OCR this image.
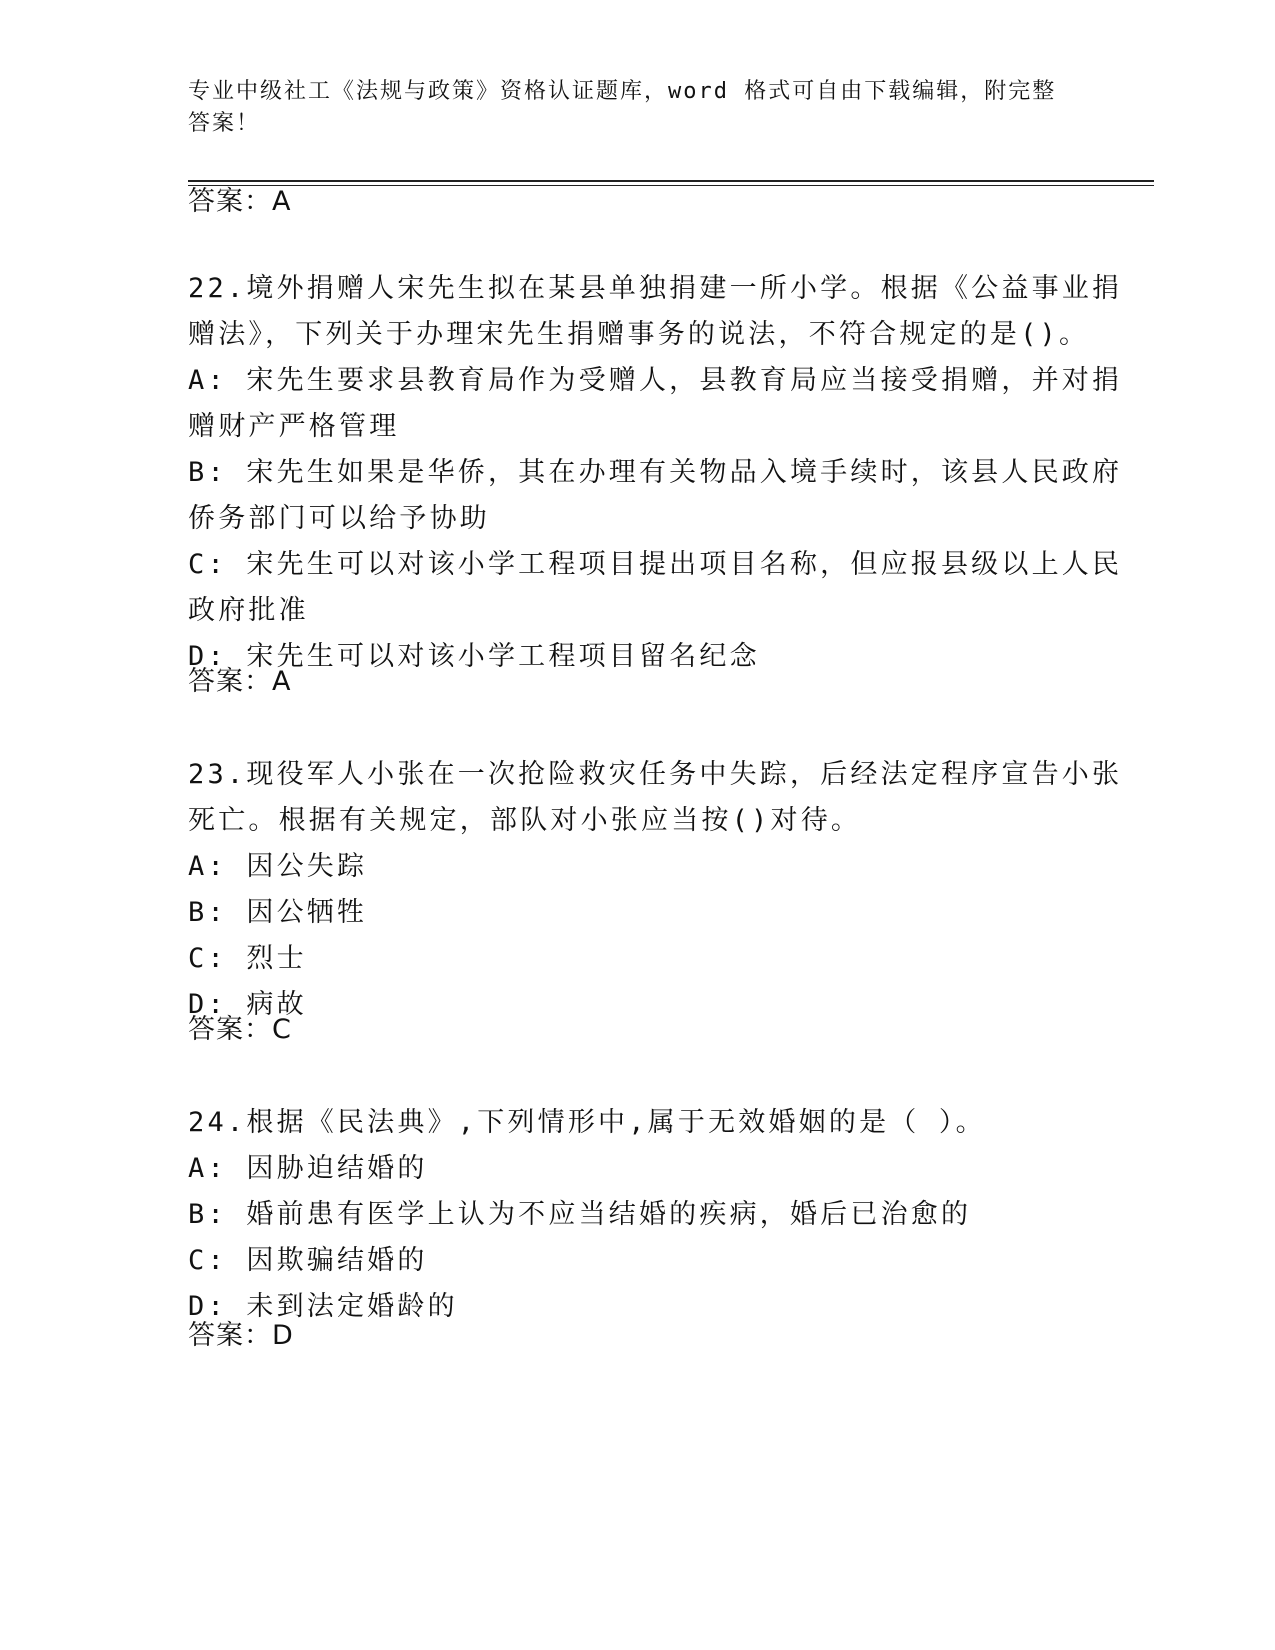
专业中级社工《法规与政策》资格认证题库，word 格式可自由下载编辑，附完整
答案！
答案：A
22.境外捐赠人宋先生拟在某县单独捐建一所小学。根据《公益事业捐
赠法》，下列关于办理宋先生捐赠事务的说法，不符合规定的是()。
A: 宋先生要求县教育局作为受赠人，县教育局应当接受捐赠，并对捐
赠财产严格管理
B: 宋先生如果是华侨，其在办理有关物品入境手续时，该县人民政府
侨务部门可以给予协助
C: 宋先生可以对该小学工程项目提出项目名称，但应报县级以上人民
政府批准
D: 宋先生可以对该小学工程项目留名纪念
答案：A
23.现役军人小张在一次抢险救灾任务中失踪，后经法定程序宣告小张
死亡。根据有关规定，部队对小张应当按()对待。
A: 因公失踪
B: 因公牺牲
C: 烈士
D: 病故
答案：C
24.根据《民法典》,下列情形中,属于无效婚姻的是（ ）。
A: 因胁迫结婚的
B: 婚前患有医学上认为不应当结婚的疾病，婚后已治愈的
C: 因欺骗结婚的
D: 未到法定婚龄的
答案：D
